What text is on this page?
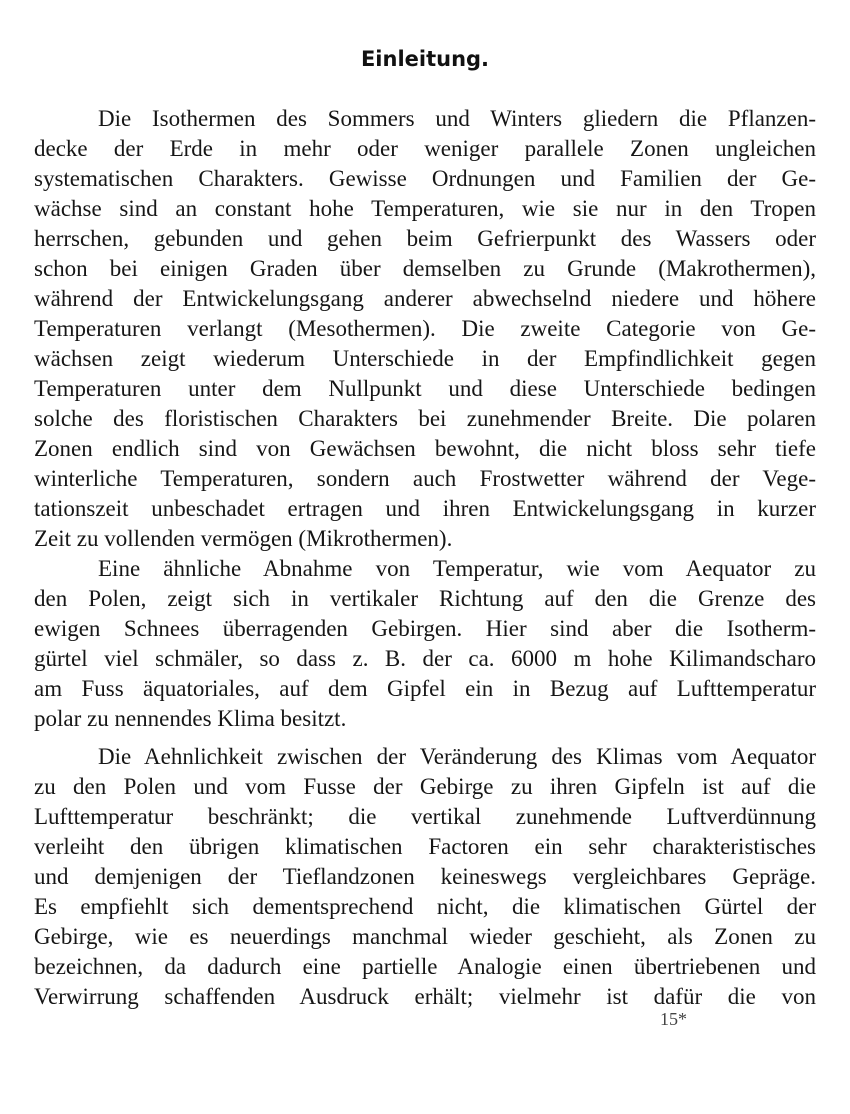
Einleitung.
Die Isothermen des Sommers und Winters gliedern die Pflanzen-
decke der Erde in mehr oder weniger parallele Zonen ungleichen
systematischen Charakters. Gewisse Ordnungen und Familien der Ge-
wächse sind an constant hohe Temperaturen, wie sie nur in den Tropen
herrschen, gebunden und gehen beim Gefrierpunkt des Wassers oder
schon bei einigen Graden über demselben zu Grunde (Makrothermen),
während der Entwickelungsgang anderer abwechselnd niedere und höhere
Temperaturen verlangt (Mesothermen). Die zweite Categorie von Ge-
wächsen zeigt wiederum Unterschiede in der Empfindlichkeit gegen
Temperaturen unter dem Nullpunkt und diese Unterschiede bedingen
solche des floristischen Charakters bei zunehmender Breite. Die polaren
Zonen endlich sind von Gewächsen bewohnt, die nicht bloss sehr tiefe
winterliche Temperaturen, sondern auch Frostwetter während der Vege-
tationszeit unbeschadet ertragen und ihren Entwickelungsgang in kurzer
Zeit zu vollenden vermögen (Mikrothermen).
Eine ähnliche Abnahme von Temperatur, wie vom Aequator zu
den Polen, zeigt sich in vertikaler Richtung auf den die Grenze des
ewigen Schnees überragenden Gebirgen. Hier sind aber die Isotherm-
gürtel viel schmäler, so dass z. B. der ca. 6000 m hohe Kilimandscharo
am Fuss äquatoriales, auf dem Gipfel ein in Bezug auf Lufttemperatur
polar zu nennendes Klima besitzt.
Die Aehnlichkeit zwischen der Veränderung des Klimas vom Aequator
zu den Polen und vom Fusse der Gebirge zu ihren Gipfeln ist auf die
Lufttemperatur beschränkt; die vertikal zunehmende Luftverdünnung
verleiht den übrigen klimatischen Factoren ein sehr charakteristisches
und demjenigen der Tieflandzonen keineswegs vergleichbares Gepräge.
Es empfiehlt sich dementsprechend nicht, die klimatischen Gürtel der
Gebirge, wie es neuerdings manchmal wieder geschieht, als Zonen zu
bezeichnen, da dadurch eine partielle Analogie einen übertriebenen und
Verwirrung schaffenden Ausdruck erhält; vielmehr ist dafür die von
15*
